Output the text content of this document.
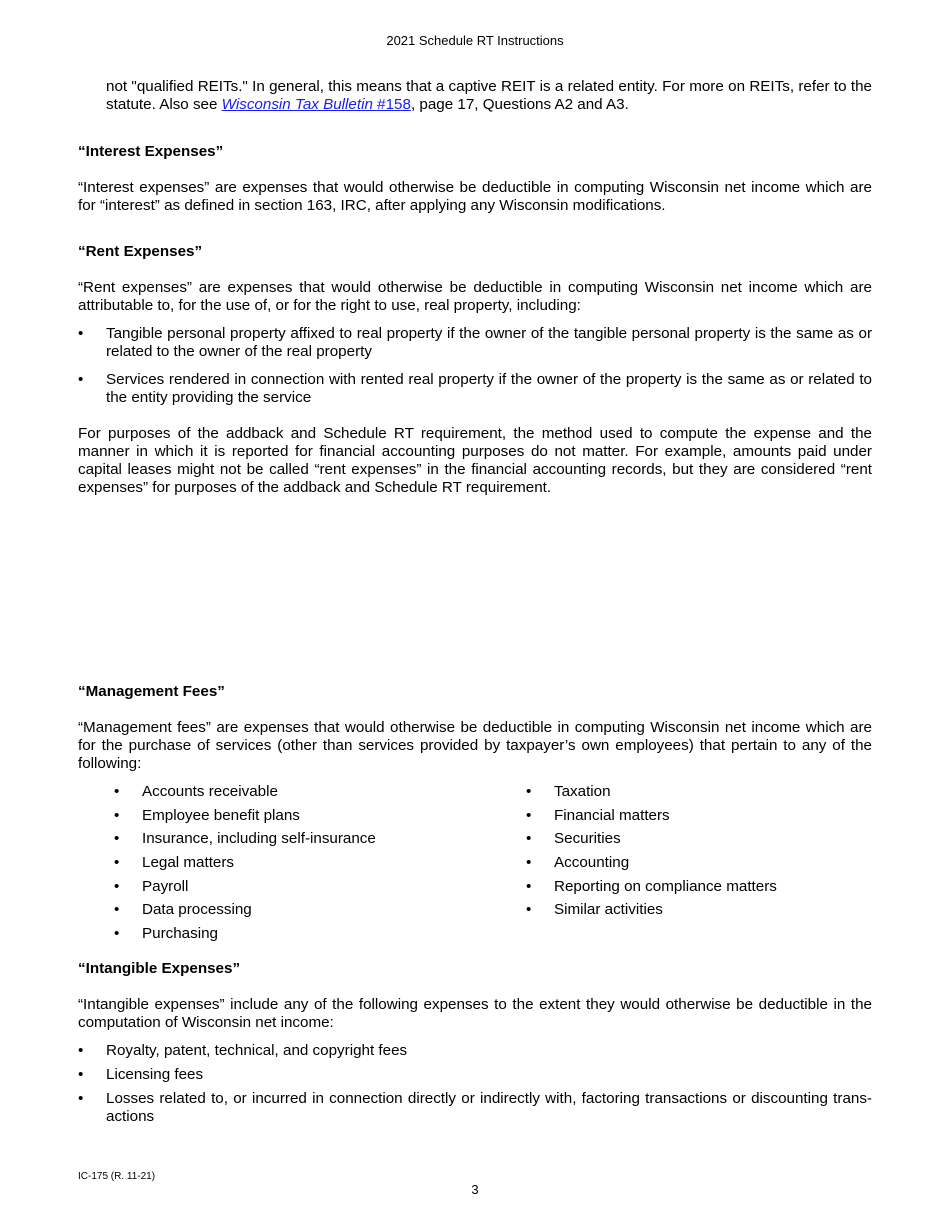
2021 Schedule RT Instructions

not "qualified REITs." In general, this means that a captive REIT is a related entity. For more on REITs, refer to the statute. Also see Wisconsin Tax Bulletin #158, page 17, Questions A2 and A3.

“Interest Expenses”

“Interest expenses” are expenses that would otherwise be deductible in computing Wisconsin net income which are for “interest” as defined in section 163, IRC, after applying any Wisconsin modifications.

“Rent Expenses”

“Rent expenses” are expenses that would otherwise be deductible in computing Wisconsin net income which are attributable to, for the use of, or for the right to use, real property, including:

• Tangible personal property affixed to real property if the owner of the tangible personal property is the same as or related to the owner of the real property
• Services rendered in connection with rented real property if the owner of the property is the same as or related to the entity providing the service

For purposes of the addback and Schedule RT requirement, the method used to compute the expense and the manner in which it is reported for financial accounting purposes do not matter. For example, amounts paid under capital leases might not be called “rent expenses” in the financial accounting records, but they are considered “rent expenses” for purposes of the addback and Schedule RT requirement.

“Management Fees”

“Management fees” are expenses that would otherwise be deductible in computing Wisconsin net income which are for the purchase of services (other than services provided by taxpayer’s own employees) that pertain to any of the following:

• Accounts receivable
• Employee benefit plans
• Insurance, including self-insurance
• Legal matters
• Payroll
• Data processing
• Purchasing
• Taxation
• Financial matters
• Securities
• Accounting
• Reporting on compliance matters
• Similar activities
“Intangible Expenses”

“Intangible expenses” include any of the following expenses to the extent they would otherwise be deductible in the computation of Wisconsin net income:

• Royalty, patent, technical, and copyright fees
• Licensing fees
• Losses related to, or incurred in connection directly or indirectly with, factoring transactions or discounting trans-actions
IC-175 (R. 11-21)
3
